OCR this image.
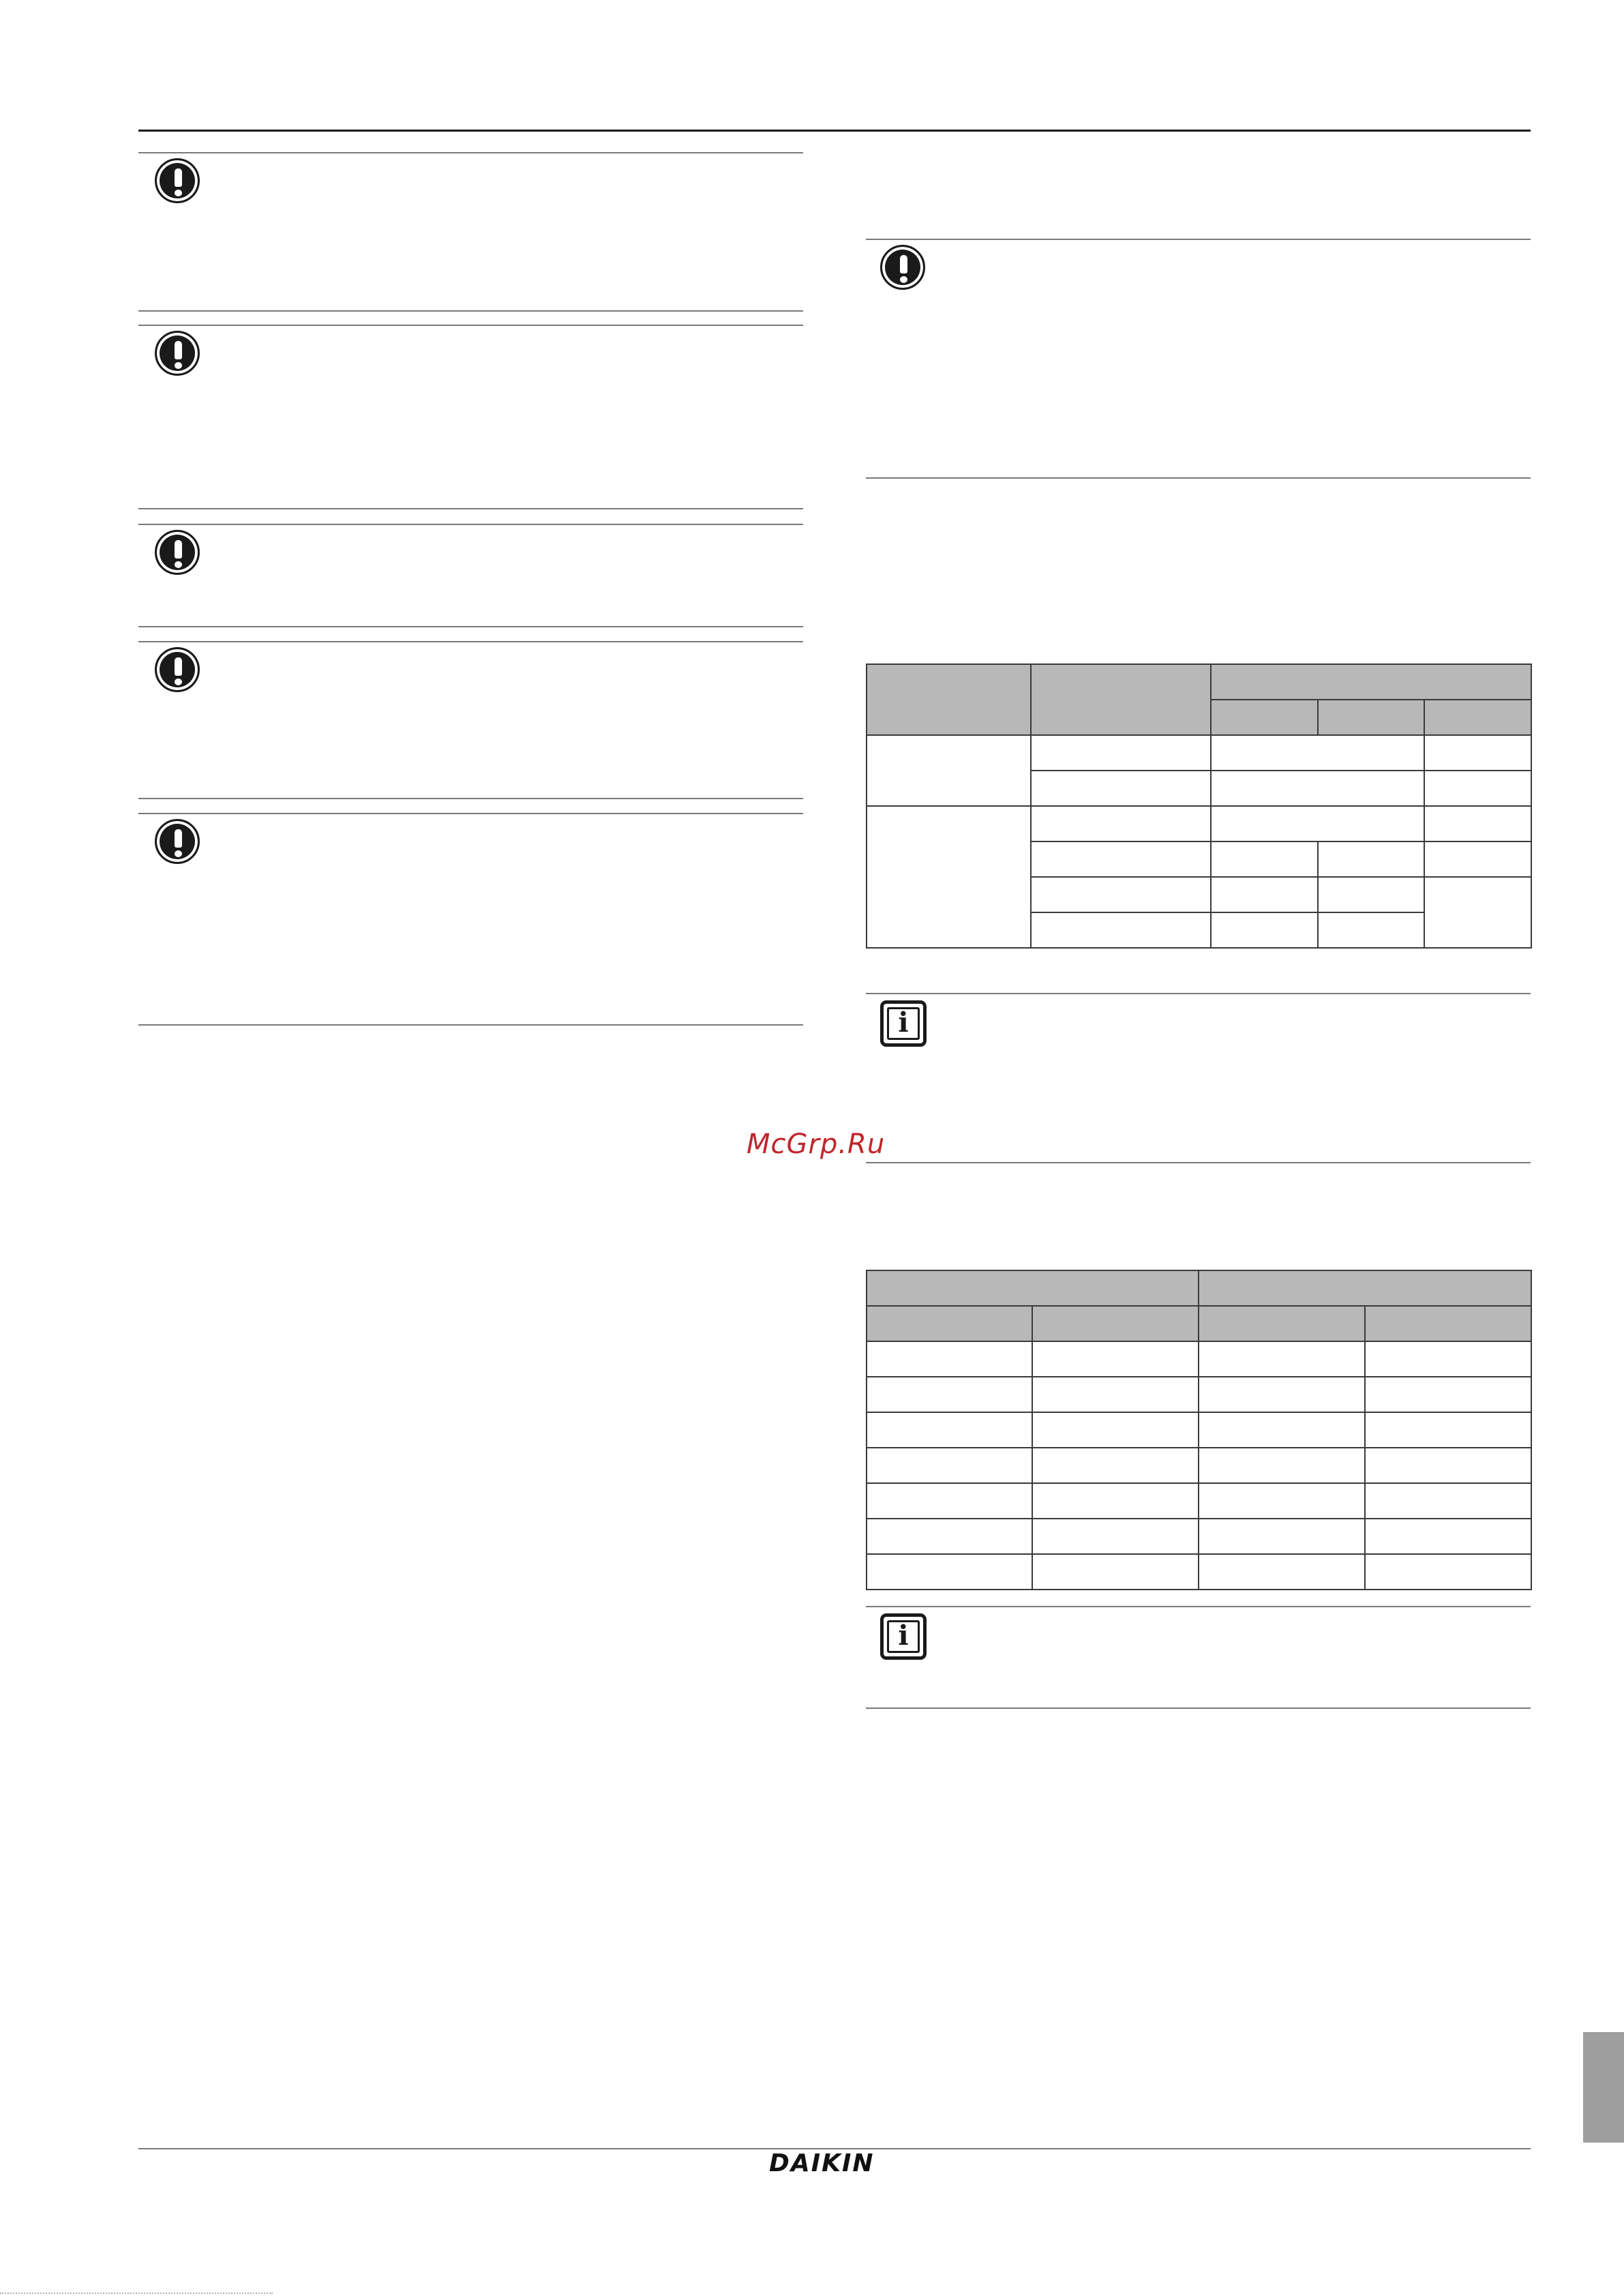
i
McGrp.Ru

i
DAIKIN
